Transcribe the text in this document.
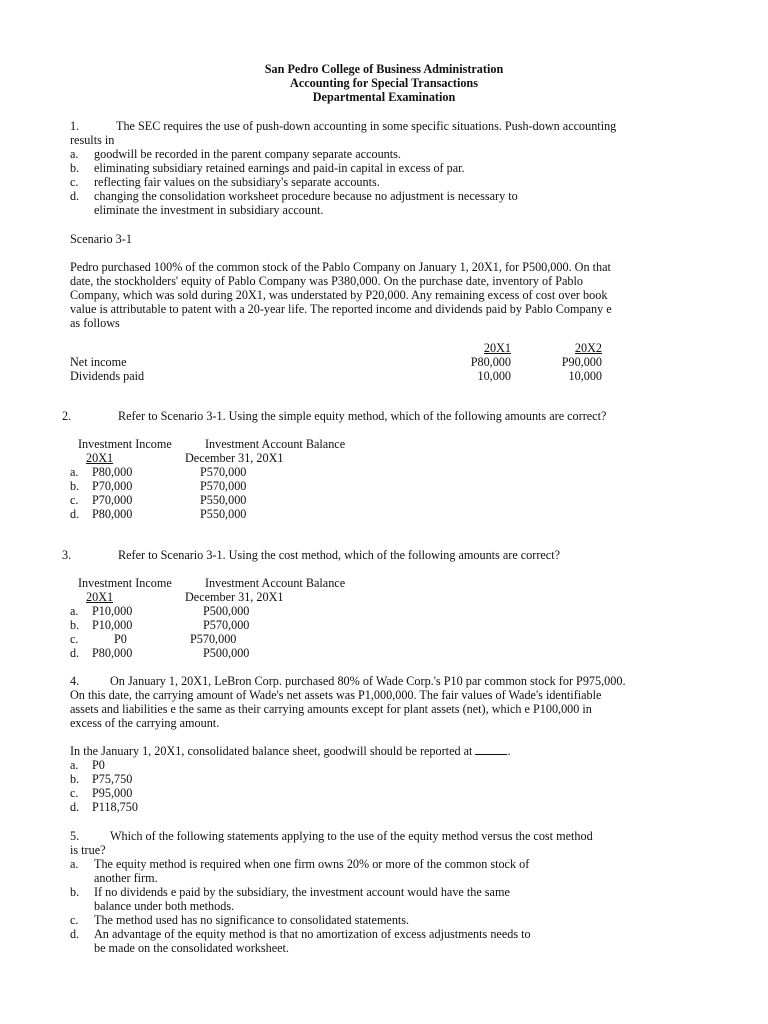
San Pedro College of Business Administration
Accounting for Special Transactions
Departmental Examination
1.	The SEC requires the use of push-down accounting in some specific situations. Push-down accounting
results in
a. goodwill be recorded in the parent company separate accounts.
b. eliminating subsidiary retained earnings and paid-in capital in excess of par.
c. reflecting fair values on the subsidiary's separate accounts.
d. changing the consolidation worksheet procedure because no adjustment is necessary to
eliminate the investment in subsidiary account.
Scenario 3-1
Pedro purchased 100% of the common stock of the Pablo Company on January 1, 20X1, for P500,000. On that
date, the stockholders' equity of Pablo Company was P380,000. On the purchase date, inventory of Pablo
Company, which was sold during 20X1, was understated by P20,000. Any remaining excess of cost over book
value is attributable to patent with a 20-year life. The reported income and dividends paid by Pablo Company e
as follows
20X1	20X2
Net income	P80,000	P90,000
Dividends paid	10,000	10,000
2.	Refer to Scenario 3-1. Using the simple equity method, which of the following amounts are correct?
Investment Income	Investment Account Balance
20X1	December 31, 20X1
a. P80,000	P570,000
b. P70,000	P570,000
c. P70,000	P550,000
d. P80,000	P550,000
3.	Refer to Scenario 3-1. Using the cost method, which of the following amounts are correct?
Investment Income	Investment Account Balance
20X1	December 31, 20X1
a. P10,000	P500,000
b. P10,000	P570,000
c.	P0	P570,000
d. P80,000	P500,000
4.	On January 1, 20X1, LeBron Corp. purchased 80% of Wade Corp.'s P10 par common stock for P975,000.
On this date, the carrying amount of Wade's net assets was P1,000,000. The fair values of Wade's identifiable
assets and liabilities e the same as their carrying amounts except for plant assets (net), which e P100,000 in
excess of the carrying amount.
In the January 1, 20X1, consolidated balance sheet, goodwill should be reported at	.
a. P0
b. P75,750
c. P95,000
d. P118,750
5.	Which of the following statements applying to the use of the equity method versus the cost method
is true?
a. The equity method is required when one firm owns 20% or more of the common stock of
another firm.
b. If no dividends e paid by the subsidiary, the investment account would have the same
balance under both methods.
c. The method used has no significance to consolidated statements.
d. An advantage of the equity method is that no amortization of excess adjustments needs to
be made on the consolidated worksheet.
